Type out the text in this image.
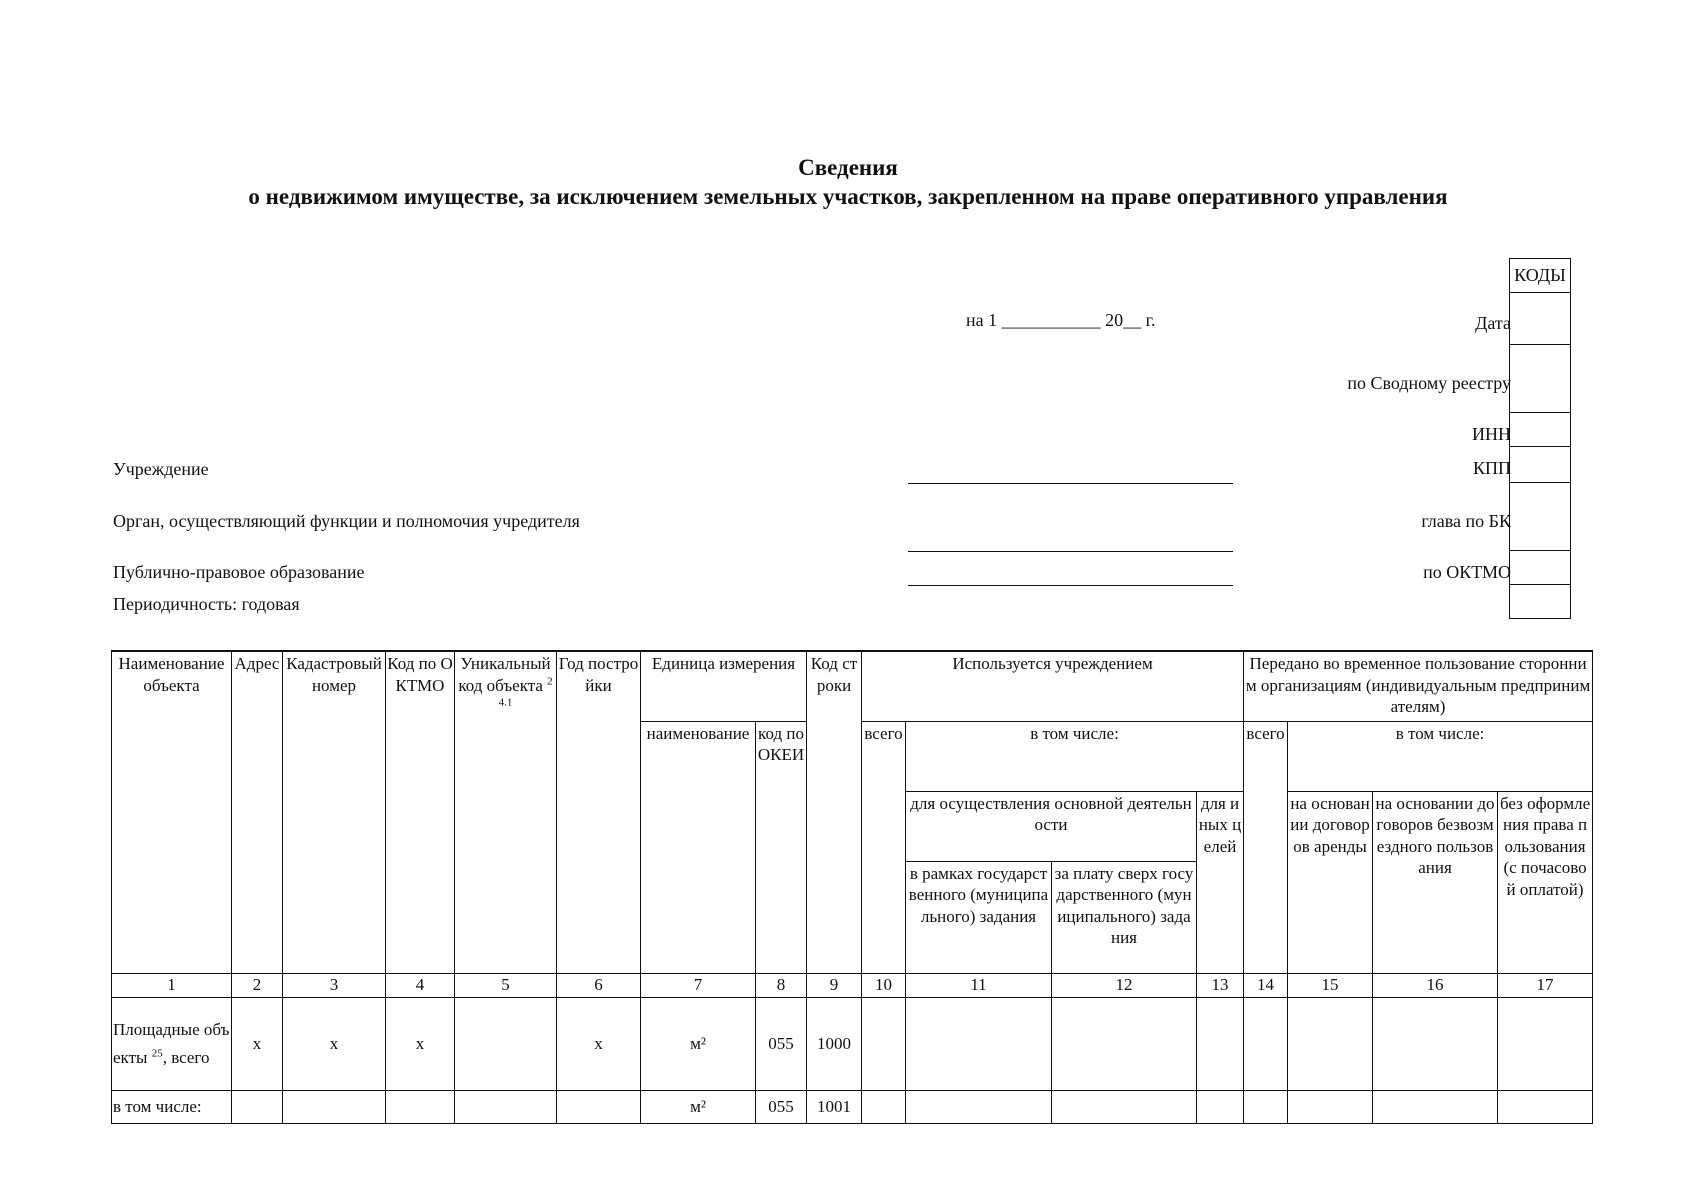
Сведения
о недвижимом имуществе, за исключением земельных участков, закрепленном на праве оперативного управления
на 1 ___________ 20__ г.	Дата
по Сводному реестру
ИНН
КПП
глава по БК
по ОКТМО
КОДЫ

Учреждение
Орган, осуществляющий функции и полномочия учредителя
Публично-правовое образование
Периодичность: годовая
Наименование объекта	Адрес	Кадастровый номер	Код по ОКТМО	Уникальный код объекта $^{24.1}$	Год постройки	Единица измерения		Код строки	Используется учреждением				Передано во временное пользование сторонним организациям (индивидуальным предпринимателям)			
						наименование	код по ОКЕИ		всего	в том числе:			всего	в том числе:		
										для осуществления основной деятельности		для иных целей		на основании договоров аренды	на основании договоров безвозмездного пользования	без оформления права пользования (с почасовой оплатой)
										в рамках государственного (муниципального) задания	за плату сверх государственного (муниципального) задания					
1	2	3	4	5	6	7	8	9	10	11	12	13	14	15	16	17
Площадные объекты $^{25}$, всего	x	x	x		x	м²	055	1000								
в том числе:						м²	055	1001								
